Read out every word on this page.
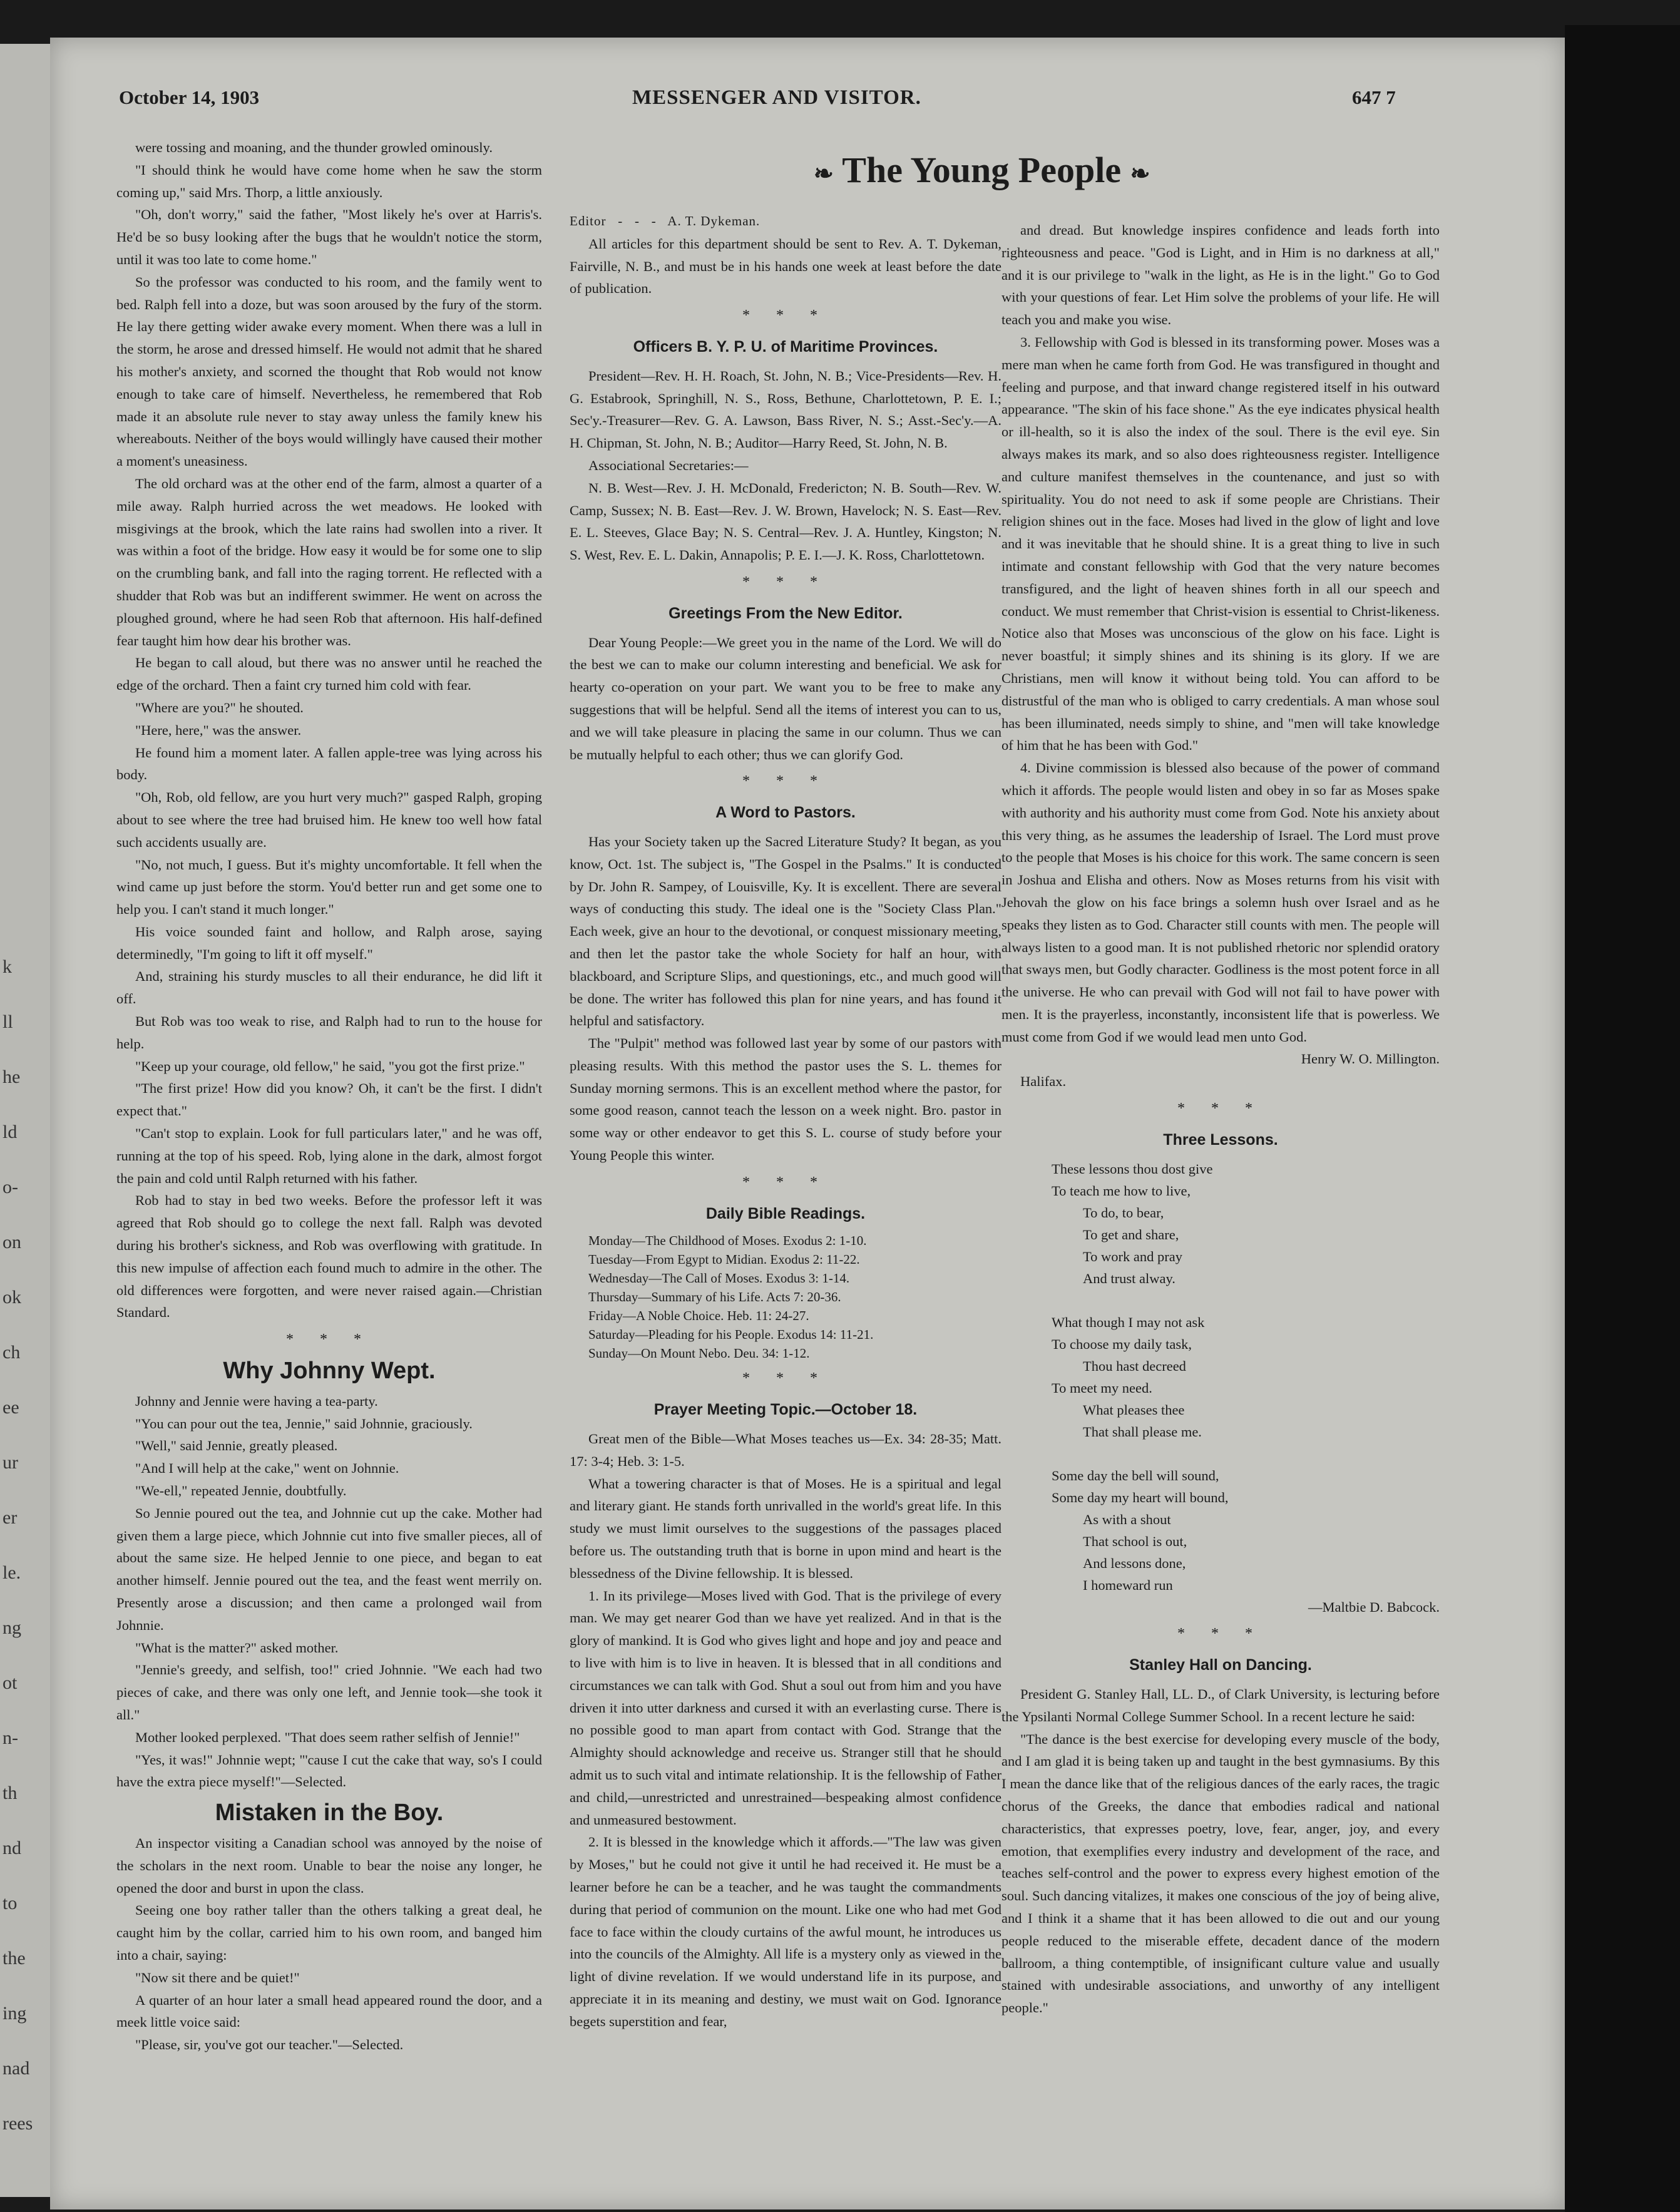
k
ll
he
ld
o-
on
ok
ch
ee
ur
er
le.
ng
ot
n-
th
nd
to
the
ing
nad
rees
October 14, 1903	MESSENGER AND VISITOR.	647 7

were tossing and moaning, and the thunder growled ominously.

"I should think he would have come home when he saw the storm coming up," said Mrs. Thorp, a little anxiously.

"Oh, don't worry," said the father, "Most likely he's over at Harris's. He'd be so busy looking after the bugs that he wouldn't notice the storm, until it was too late to come home."

So the professor was conducted to his room, and the family went to bed. Ralph fell into a doze, but was soon aroused by the fury of the storm. He lay there getting wider awake every moment. When there was a lull in the storm, he arose and dressed himself. He would not admit that he shared his mother's anxiety, and scorned the thought that Rob would not know enough to take care of himself. Nevertheless, he remembered that Rob made it an absolute rule never to stay away unless the family knew his whereabouts. Neither of the boys would willingly have caused their mother a moment's uneasiness.

The old orchard was at the other end of the farm, almost a quarter of a mile away. Ralph hurried across the wet meadows. He looked with misgivings at the brook, which the late rains had swollen into a river. It was within a foot of the bridge. How easy it would be for some one to slip on the crumbling bank, and fall into the raging torrent. He reflected with a shudder that Rob was but an indifferent swimmer. He went on across the ploughed ground, where he had seen Rob that afternoon. His half-defined fear taught him how dear his brother was.

He began to call aloud, but there was no answer until he reached the edge of the orchard. Then a faint cry turned him cold with fear.

"Where are you?" he shouted.

"Here, here," was the answer.

He found him a moment later. A fallen apple-tree was lying across his body.

"Oh, Rob, old fellow, are you hurt very much?" gasped Ralph, groping about to see where the tree had bruised him. He knew too well how fatal such accidents usually are.

"No, not much, I guess. But it's mighty uncomfortable. It fell when the wind came up just before the storm. You'd better run and get some one to help you. I can't stand it much longer."

His voice sounded faint and hollow, and Ralph arose, saying determinedly, "I'm going to lift it off myself."

And, straining his sturdy muscles to all their endurance, he did lift it off.

But Rob was too weak to rise, and Ralph had to run to the house for help.

"Keep up your courage, old fellow," he said, "you got the first prize."

"The first prize! How did you know? Oh, it can't be the first. I didn't expect that."

"Can't stop to explain. Look for full particulars later," and he was off, running at the top of his speed. Rob, lying alone in the dark, almost forgot the pain and cold until Ralph returned with his father.

Rob had to stay in bed two weeks. Before the professor left it was agreed that Rob should go to college the next fall. Ralph was devoted during his brother's sickness, and Rob was overflowing with gratitude. In this new impulse of affection each found much to admire in the other. The old differences were forgotten, and were never raised again.—Christian Standard.

* * *
Why Johnny Wept.

Johnny and Jennie were having a tea-party.

"You can pour out the tea, Jennie," said Johnnie, graciously.

"Well," said Jennie, greatly pleased.

"And I will help at the cake," went on Johnnie.

"We-ell," repeated Jennie, doubtfully.

So Jennie poured out the tea, and Johnnie cut up the cake. Mother had given them a large piece, which Johnnie cut into five smaller pieces, all of about the same size. He helped Jennie to one piece, and began to eat another himself. Jennie poured out the tea, and the feast went merrily on. Presently arose a discussion; and then came a prolonged wail from Johnnie.

"What is the matter?" asked mother.

"Jennie's greedy, and selfish, too!" cried Johnnie. "We each had two pieces of cake, and there was only one left, and Jennie took—she took it all."

Mother looked perplexed. "That does seem rather selfish of Jennie!"

"Yes, it was!" Johnnie wept; "'cause I cut the cake that way, so's I could have the extra piece myself!"—Selected.

Mistaken in the Boy.

An inspector visiting a Canadian school was annoyed by the noise of the scholars in the next room. Unable to bear the noise any longer, he opened the door and burst in upon the class.

Seeing one boy rather taller than the others talking a great deal, he caught him by the collar, carried him to his own room, and banged him into a chair, saying:

"Now sit there and be quiet!"

A quarter of an hour later a small head appeared round the door, and a meek little voice said:

"Please, sir, you've got our teacher."—Selected.

❧ The Young People ❧

Editor   -   -   -   A. T. Dykeman.

All articles for this department should be sent to Rev. A. T. Dykeman, Fairville, N. B., and must be in his hands one week at least before the date of publication.

* * *
Officers B. Y. P. U. of Maritime Provinces.

President—Rev. H. H. Roach, St. John, N. B.; Vice-Presidents—Rev. H. G. Estabrook, Springhill, N. S., Ross, Bethune, Charlottetown, P. E. I.; Sec'y.-Treasurer—Rev. G. A. Lawson, Bass River, N. S.; Asst.-Sec'y.—A. H. Chipman, St. John, N. B.; Auditor—Harry Reed, St. John, N. B.

Associational Secretaries:—

N. B. West—Rev. J. H. McDonald, Fredericton; N. B. South—Rev. W. Camp, Sussex; N. B. East—Rev. J. W. Brown, Havelock; N. S. East—Rev. E. L. Steeves, Glace Bay; N. S. Central—Rev. J. A. Huntley, Kingston; N. S. West, Rev. E. L. Dakin, Annapolis; P. E. I.—J. K. Ross, Charlottetown.

* * *
Greetings From the New Editor.

Dear Young People:—We greet you in the name of the Lord. We will do the best we can to make our column interesting and beneficial. We ask for hearty co-operation on your part. We want you to be free to make any suggestions that will be helpful. Send all the items of interest you can to us, and we will take pleasure in placing the same in our column. Thus we can be mutually helpful to each other; thus we can glorify God.

* * *
A Word to Pastors.

Has your Society taken up the Sacred Literature Study? It began, as you know, Oct. 1st. The subject is, "The Gospel in the Psalms." It is conducted by Dr. John R. Sampey, of Louisville, Ky. It is excellent. There are several ways of conducting this study. The ideal one is the "Society Class Plan." Each week, give an hour to the devotional, or conquest missionary meeting, and then let the pastor take the whole Society for half an hour, with blackboard, and Scripture Slips, and questionings, etc., and much good will be done. The writer has followed this plan for nine years, and has found it helpful and satisfactory.

The "Pulpit" method was followed last year by some of our pastors with pleasing results. With this method the pastor uses the S. L. themes for Sunday morning sermons. This is an excellent method where the pastor, for some good reason, cannot teach the lesson on a week night. Bro. pastor in some way or other endeavor to get this S. L. course of study before your Young People this winter.

* * *
Daily Bible Readings.
Monday—The Childhood of Moses. Exodus 2: 1-10.
Tuesday—From Egypt to Midian. Exodus 2: 11-22.
Wednesday—The Call of Moses. Exodus 3: 1-14.
Thursday—Summary of his Life. Acts 7: 20-36.
Friday—A Noble Choice. Heb. 11: 24-27.
Saturday—Pleading for his People. Exodus 14: 11-21.
Sunday—On Mount Nebo. Deu. 34: 1-12.
* * *
Prayer Meeting Topic.—October 18.

Great men of the Bible—What Moses teaches us—Ex. 34: 28-35; Matt. 17: 3-4; Heb. 3: 1-5.

What a towering character is that of Moses. He is a spiritual and legal and literary giant. He stands forth unrivalled in the world's great life. In this study we must limit ourselves to the suggestions of the passages placed before us. The outstanding truth that is borne in upon mind and heart is the blessedness of the Divine fellowship. It is blessed.

1. In its privilege—Moses lived with God. That is the privilege of every man. We may get nearer God than we have yet realized. And in that is the glory of mankind. It is God who gives light and hope and joy and peace and to live with him is to live in heaven. It is blessed that in all conditions and circumstances we can talk with God. Shut a soul out from him and you have driven it into utter darkness and cursed it with an everlasting curse. There is no possible good to man apart from contact with God. Strange that the Almighty should acknowledge and receive us. Stranger still that he should admit us to such vital and intimate relationship. It is the fellowship of Father and child,—unrestricted and unrestrained—bespeaking almost confidence and unmeasured bestowment.

2. It is blessed in the knowledge which it affords.—"The law was given by Moses," but he could not give it until he had received it. He must be a learner before he can be a teacher, and he was taught the commandments during that period of communion on the mount. Like one who had met God face to face within the cloudy curtains of the awful mount, he introduces us into the councils of the Almighty. All life is a mystery only as viewed in the light of divine revelation. If we would understand life in its purpose, and appreciate it in its meaning and destiny, we must wait on God. Ignorance begets superstition and fear,

and dread. But knowledge inspires confidence and leads forth into righteousness and peace. "God is Light, and in Him is no darkness at all," and it is our privilege to "walk in the light, as He is in the light." Go to God with your questions of fear. Let Him solve the problems of your life. He will teach you and make you wise.

3. Fellowship with God is blessed in its transforming power. Moses was a mere man when he came forth from God. He was transfigured in thought and feeling and purpose, and that inward change registered itself in his outward appearance. "The skin of his face shone." As the eye indicates physical health or ill-health, so it is also the index of the soul. There is the evil eye. Sin always makes its mark, and so also does righteousness register. Intelligence and culture manifest themselves in the countenance, and just so with spirituality. You do not need to ask if some people are Christians. Their religion shines out in the face. Moses had lived in the glow of light and love and it was inevitable that he should shine. It is a great thing to live in such intimate and constant fellowship with God that the very nature becomes transfigured, and the light of heaven shines forth in all our speech and conduct. We must remember that Christ-vision is essential to Christ-likeness. Notice also that Moses was unconscious of the glow on his face. Light is never boastful; it simply shines and its shining is its glory. If we are Christians, men will know it without being told. You can afford to be distrustful of the man who is obliged to carry credentials. A man whose soul has been illuminated, needs simply to shine, and "men will take knowledge of him that he has been with God."

4. Divine commission is blessed also because of the power of command which it affords. The people would listen and obey in so far as Moses spake with authority and his authority must come from God. Note his anxiety about this very thing, as he assumes the leadership of Israel. The Lord must prove to the people that Moses is his choice for this work. The same concern is seen in Joshua and Elisha and others. Now as Moses returns from his visit with Jehovah the glow on his face brings a solemn hush over Israel and as he speaks they listen as to God. Character still counts with men. The people will always listen to a good man. It is not published rhetoric nor splendid oratory that sways men, but Godly character. Godliness is the most potent force in all the universe. He who can prevail with God will not fail to have power with men. It is the prayerless, inconstantly, inconsistent life that is powerless. We must come from God if we would lead men unto God.

Henry W. O. Millington.

Halifax.

* * *
Three Lessons.
These lessons thou dost give
To teach me how to live,
To do, to bear,
To get and share,
To work and pray
And trust alway.

What though I may not ask
To choose my daily task,
Thou hast decreed
To meet my need.
What pleases thee
That shall please me.

Some day the bell will sound,
Some day my heart will bound,
As with a shout
That school is out,
And lessons done,
I homeward run

—Maltbie D. Babcock.

* * *
Stanley Hall on Dancing.

President G. Stanley Hall, LL. D., of Clark University, is lecturing before the Ypsilanti Normal College Summer School. In a recent lecture he said:

"The dance is the best exercise for developing every muscle of the body, and I am glad it is being taken up and taught in the best gymnasiums. By this I mean the dance like that of the religious dances of the early races, the tragic chorus of the Greeks, the dance that embodies radical and national characteristics, that expresses poetry, love, fear, anger, joy, and every emotion, that exemplifies every industry and development of the race, and teaches self-control and the power to express every highest emotion of the soul. Such dancing vitalizes, it makes one conscious of the joy of being alive, and I think it a shame that it has been allowed to die out and our young people reduced to the miserable effete, decadent dance of the modern ballroom, a thing contemptible, of insignificant culture value and usually stained with undesirable associations, and unworthy of any intelligent people."
